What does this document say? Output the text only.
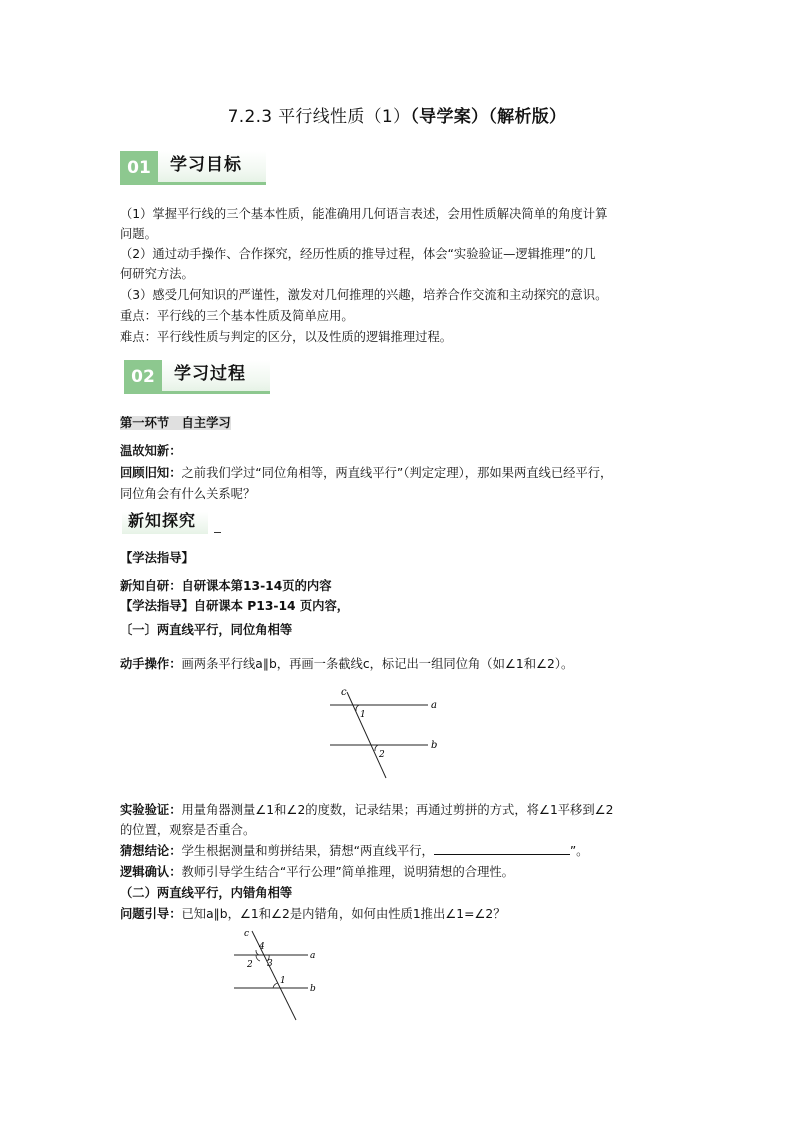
7.2.3 平行线性质（1）（导学案）（解析版）
01	学习目标
（1）掌握平行线的三个基本性质，能准确用几何语言表述，会用性质解决简单的角度计算
问题。
（2）通过动手操作、合作探究，经历性质的推导过程，体会“实验验证—逻辑推理”的几
何研究方法。
（3）感受几何知识的严谨性，激发对几何推理的兴趣，培养合作交流和主动探究的意识。
重点：平行线的三个基本性质及简单应用。
难点：平行线性质与判定的区分，以及性质的逻辑推理过程。
02	学习过程
第一环节　自主学习
温故知新：
回顾旧知：之前我们学过“同位角相等，两直线平行”（判定定理），那如果两直线已经平行，
同位角会有什么关系呢？
新知探究
【学法指导】
新知自研：自研课本第13-14页的内容
【学法指导】自研课本 P13-14 页内容，
〔一〕两直线平行，同位角相等
动手操作：画两条平行线a∥b，再画一条截线c，标记出一组同位角（如∠1和∠2）。
c
a
b
1
2
实验验证：用量角器测量∠1和∠2的度数，记录结果；再通过剪拼的方式，将∠1平移到∠2
的位置，观察是否重合。
猜想结论：学生根据测量和剪拼结果，猜想“两直线平行，	”。
逻辑确认：教师引导学生结合“平行公理”简单推理，说明猜想的合理性。
（二）两直线平行，内错角相等
问题引导：已知a∥b，∠1和∠2是内错角，如何由性质1推出∠1=∠2？
c
a
b
4
2 3
1
